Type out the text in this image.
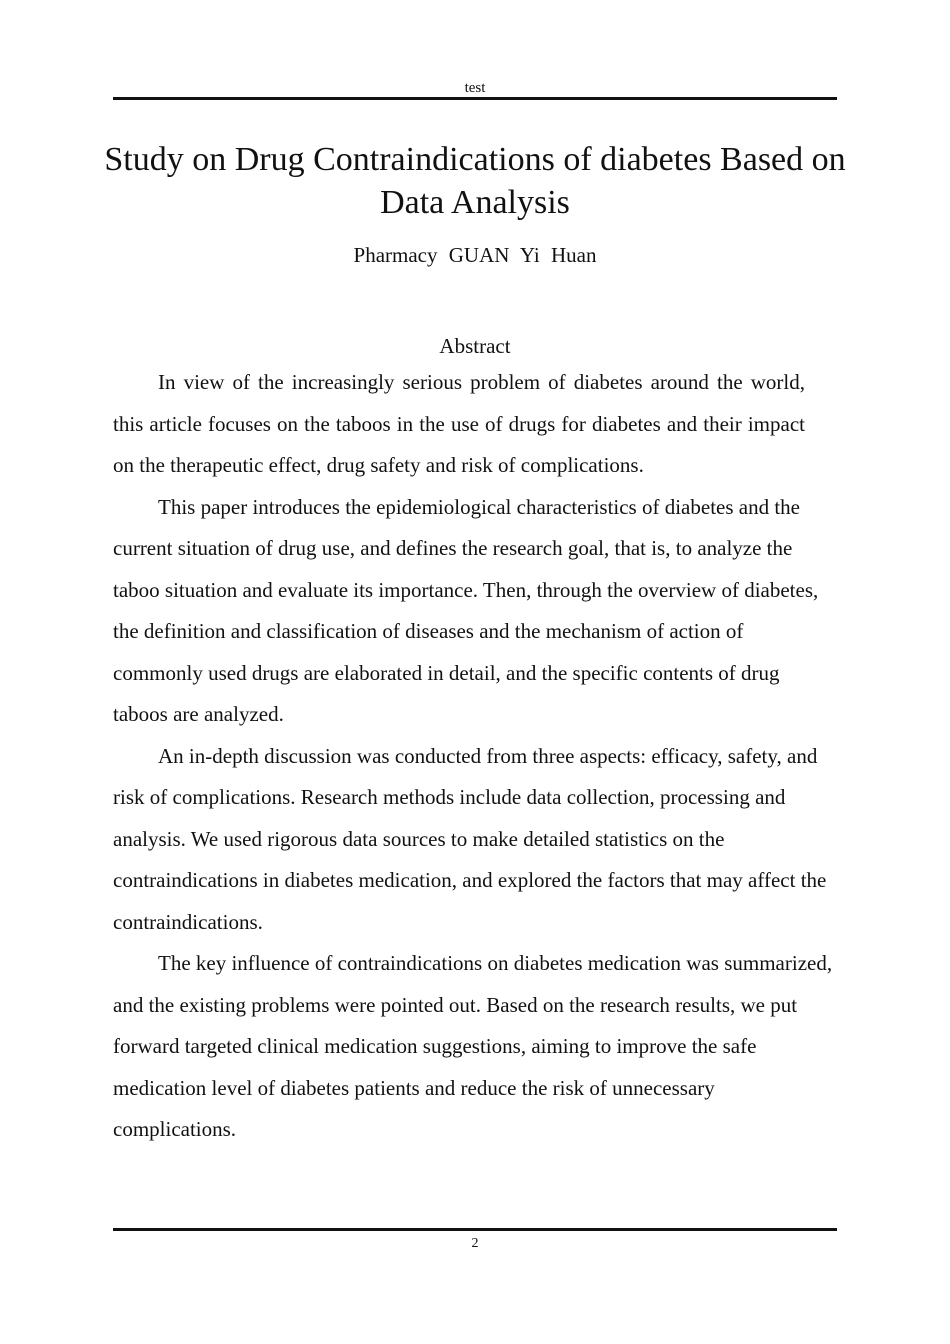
test
Study on Drug Contraindications of diabetes Based on Data Analysis
Pharmacy GUAN Yi Huan
Abstract

In view of the increasingly serious problem of diabetes around the world, this article focuses on the taboos in the use of drugs for diabetes and their impact on the therapeutic effect, drug safety and risk of complications.

This paper introduces the epidemiological characteristics of diabetes and the current situation of drug use, and defines the research goal, that is, to analyze the taboo situation and evaluate its importance. Then, through the overview of diabetes, the definition and classification of diseases and the mechanism of action of commonly used drugs are elaborated in detail, and the specific contents of drug taboos are analyzed.

An in-depth discussion was conducted from three aspects: efficacy, safety, and risk of complications. Research methods include data collection, processing and analysis. We used rigorous data sources to make detailed statistics on the contraindications in diabetes medication, and explored the factors that may affect the contraindications.

The key influence of contraindications on diabetes medication was summarized, and the existing problems were pointed out. Based on the research results, we put forward targeted clinical medication suggestions, aiming to improve the safe medication level of diabetes patients and reduce the risk of unnecessary complications.

2
